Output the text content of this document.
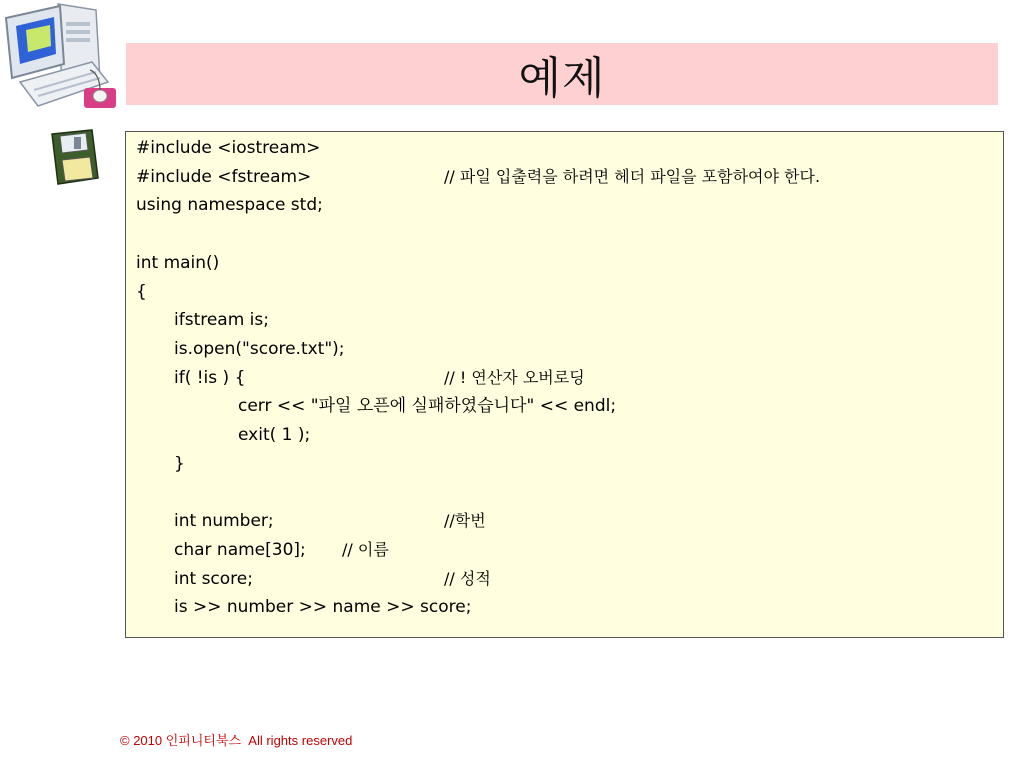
예제
#include <iostream>
#include <fstream>	// 파일 입출력을 하려면 헤더 파일을 포함하여야 한다.
using namespace std;
int main()
{
ifstream is;
is.open("score.txt");
if( !is ) {	// ! 연산자 오버로딩
cerr << "파일 오픈에 실패하였습니다" << endl;
exit( 1 );
}
int number;	//학번
char name[30]; // 이름
int score;	// 성적
is >> number >> name >> score;
© 2010 인피니티북스  All rights reserved
